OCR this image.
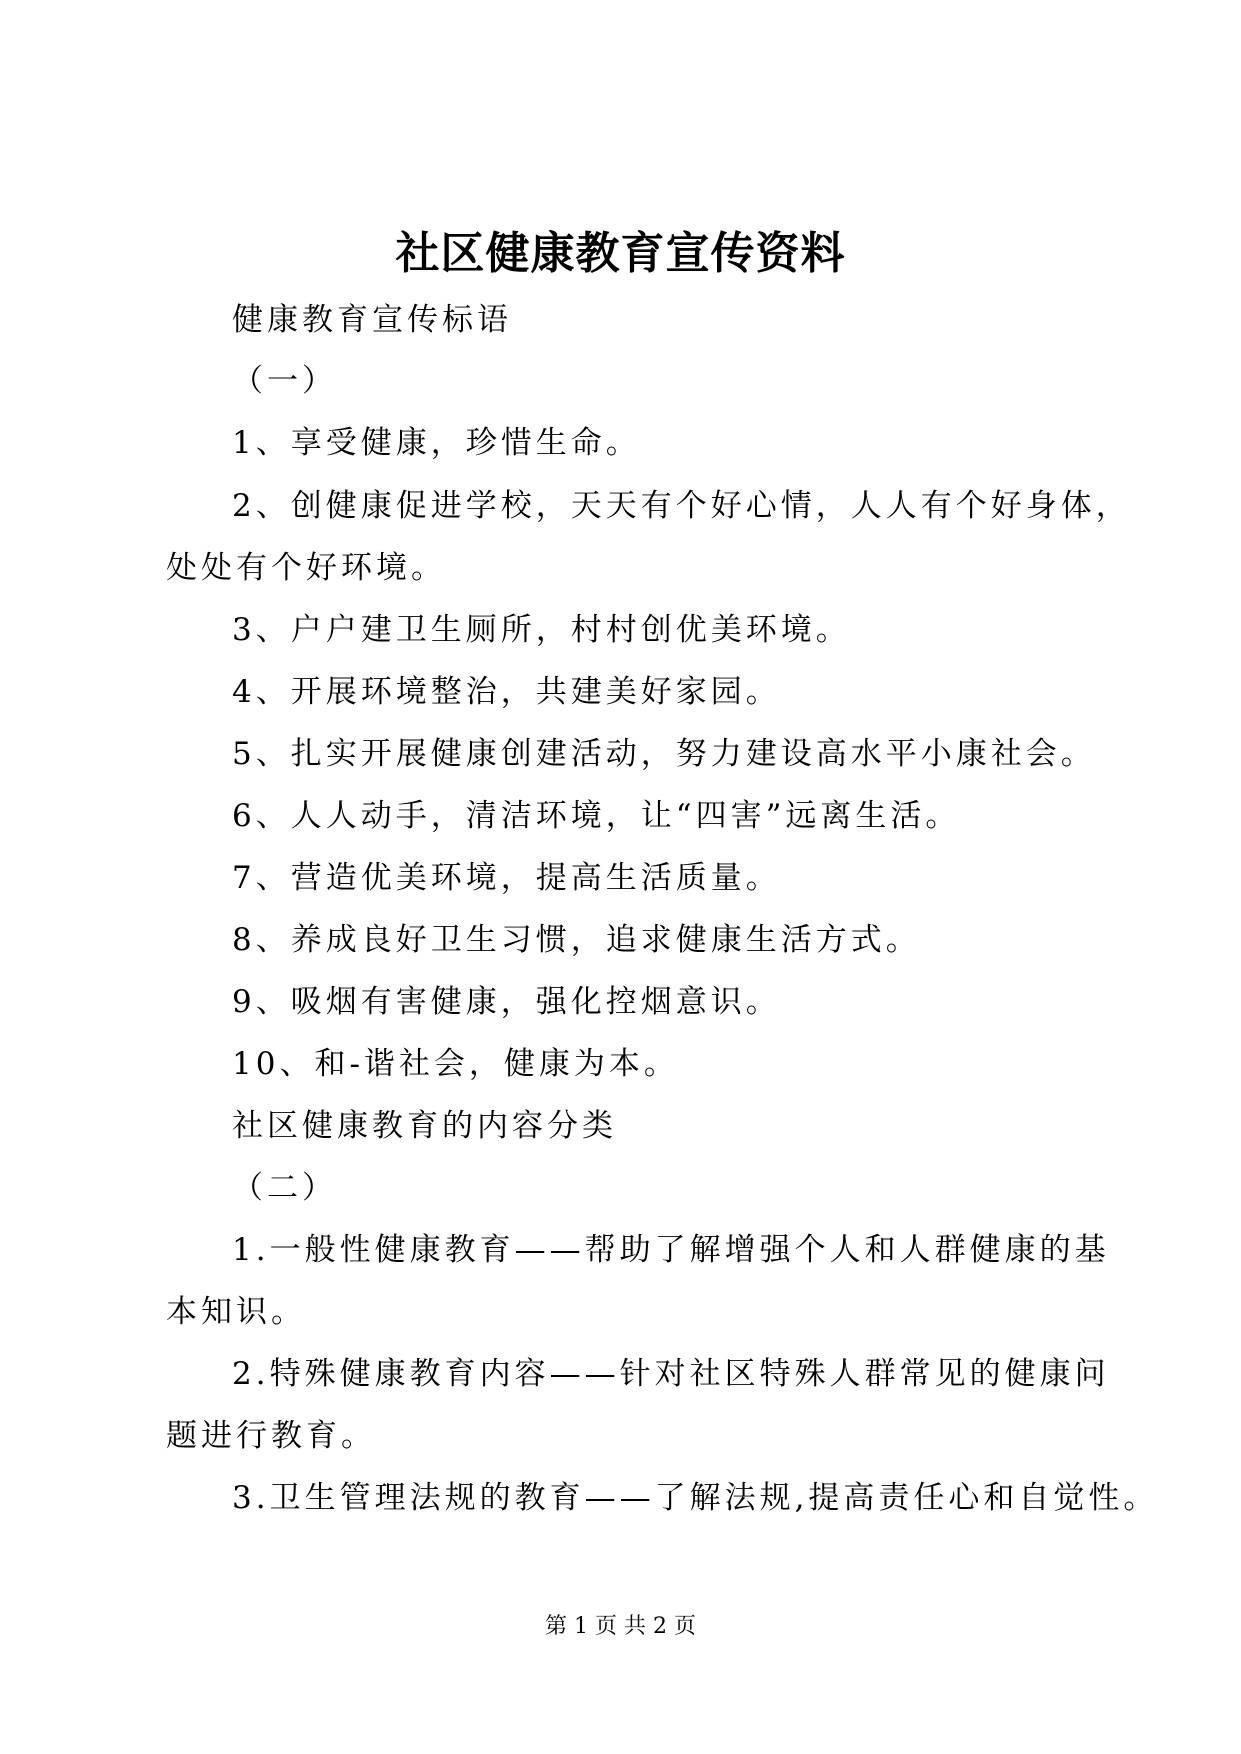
社区健康教育宣传资料
健康教育宣传标语
（一）
1、享受健康，珍惜生命。
2、创健康促进学校，天天有个好心情，人人有个好身体，
处处有个好环境。
3、户户建卫生厕所，村村创优美环境。
4、开展环境整治，共建美好家园。
5、扎实开展健康创建活动，努力建设高水平小康社会。
6、人人动手，清洁环境，让“四害”远离生活。
7、营造优美环境，提高生活质量。
8、养成良好卫生习惯，追求健康生活方式。
9、吸烟有害健康，强化控烟意识。
10、和-谐社会，健康为本。
社区健康教育的内容分类
（二）
1.一般性健康教育——帮助了解增强个人和人群健康的基
本知识。
2.特殊健康教育内容——针对社区特殊人群常见的健康问
题进行教育。
3.卫生管理法规的教育——了解法规,提高责任心和自觉性。
第 1 页 共 2 页
